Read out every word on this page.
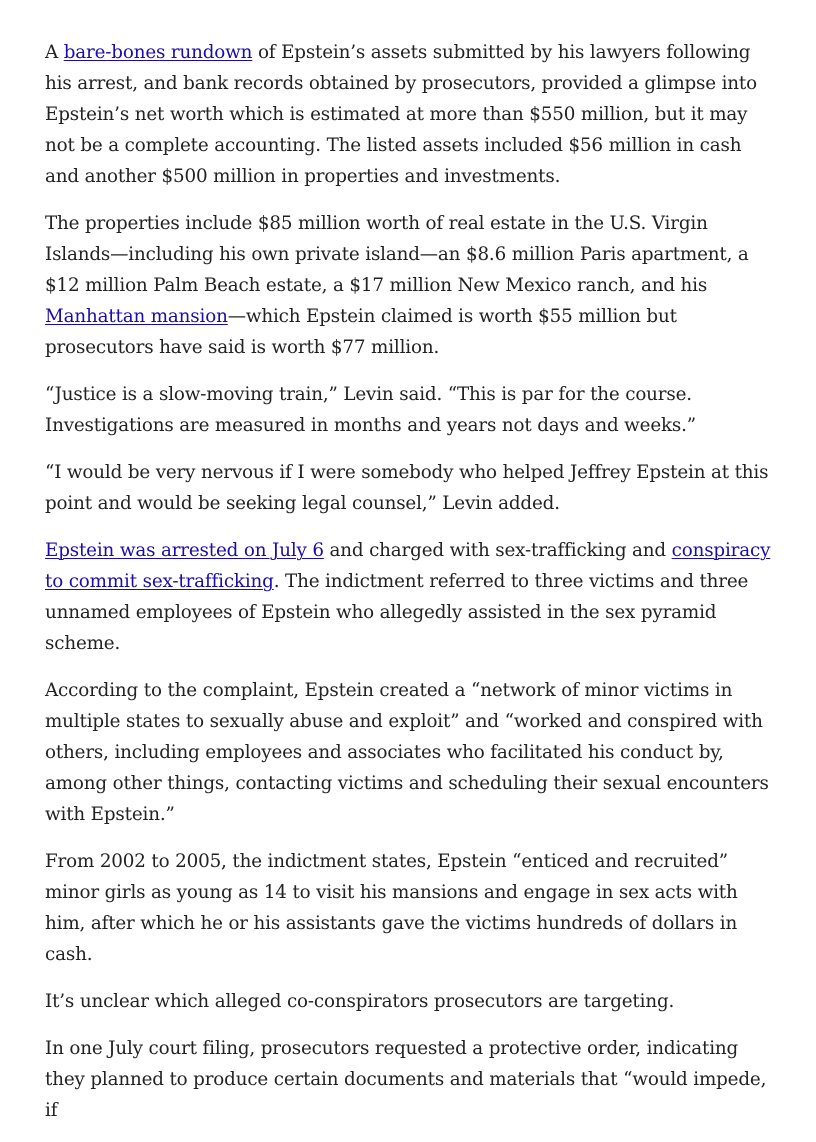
A bare-bones rundown of Epstein’s assets submitted by his lawyers following his arrest, and bank records obtained by prosecutors, provided a glimpse into Epstein’s net worth which is estimated at more than $550 million, but it may not be a complete accounting. The listed assets included $56 million in cash and another $500 million in properties and investments.

The properties include $85 million worth of real estate in the U.S. Virgin Islands—including his own private island—an $8.6 million Paris apartment, a $12 million Palm Beach estate, a $17 million New Mexico ranch, and his Manhattan mansion—which Epstein claimed is worth $55 million but prosecutors have said is worth $77 million.

“Justice is a slow-moving train,” Levin said. “This is par for the course. Investigations are measured in months and years not days and weeks.”

“I would be very nervous if I were somebody who helped Jeffrey Epstein at this point and would be seeking legal counsel,” Levin added.

Epstein was arrested on July 6 and charged with sex-trafficking and conspiracy to commit sex-trafficking. The indictment referred to three victims and three unnamed employees of Epstein who allegedly assisted in the sex pyramid scheme.

According to the complaint, Epstein created a “network of minor victims in multiple states to sexually abuse and exploit” and “worked and conspired with others, including employees and associates who facilitated his conduct by, among other things, contacting victims and scheduling their sexual encounters with Epstein.”

From 2002 to 2005, the indictment states, Epstein “enticed and recruited” minor girls as young as 14 to visit his mansions and engage in sex acts with him, after which he or his assistants gave the victims hundreds of dollars in cash.

It’s unclear which alleged co-conspirators prosecutors are targeting.

In one July court filing, prosecutors requested a protective order, indicating they planned to produce certain documents and materials that “would impede, if
